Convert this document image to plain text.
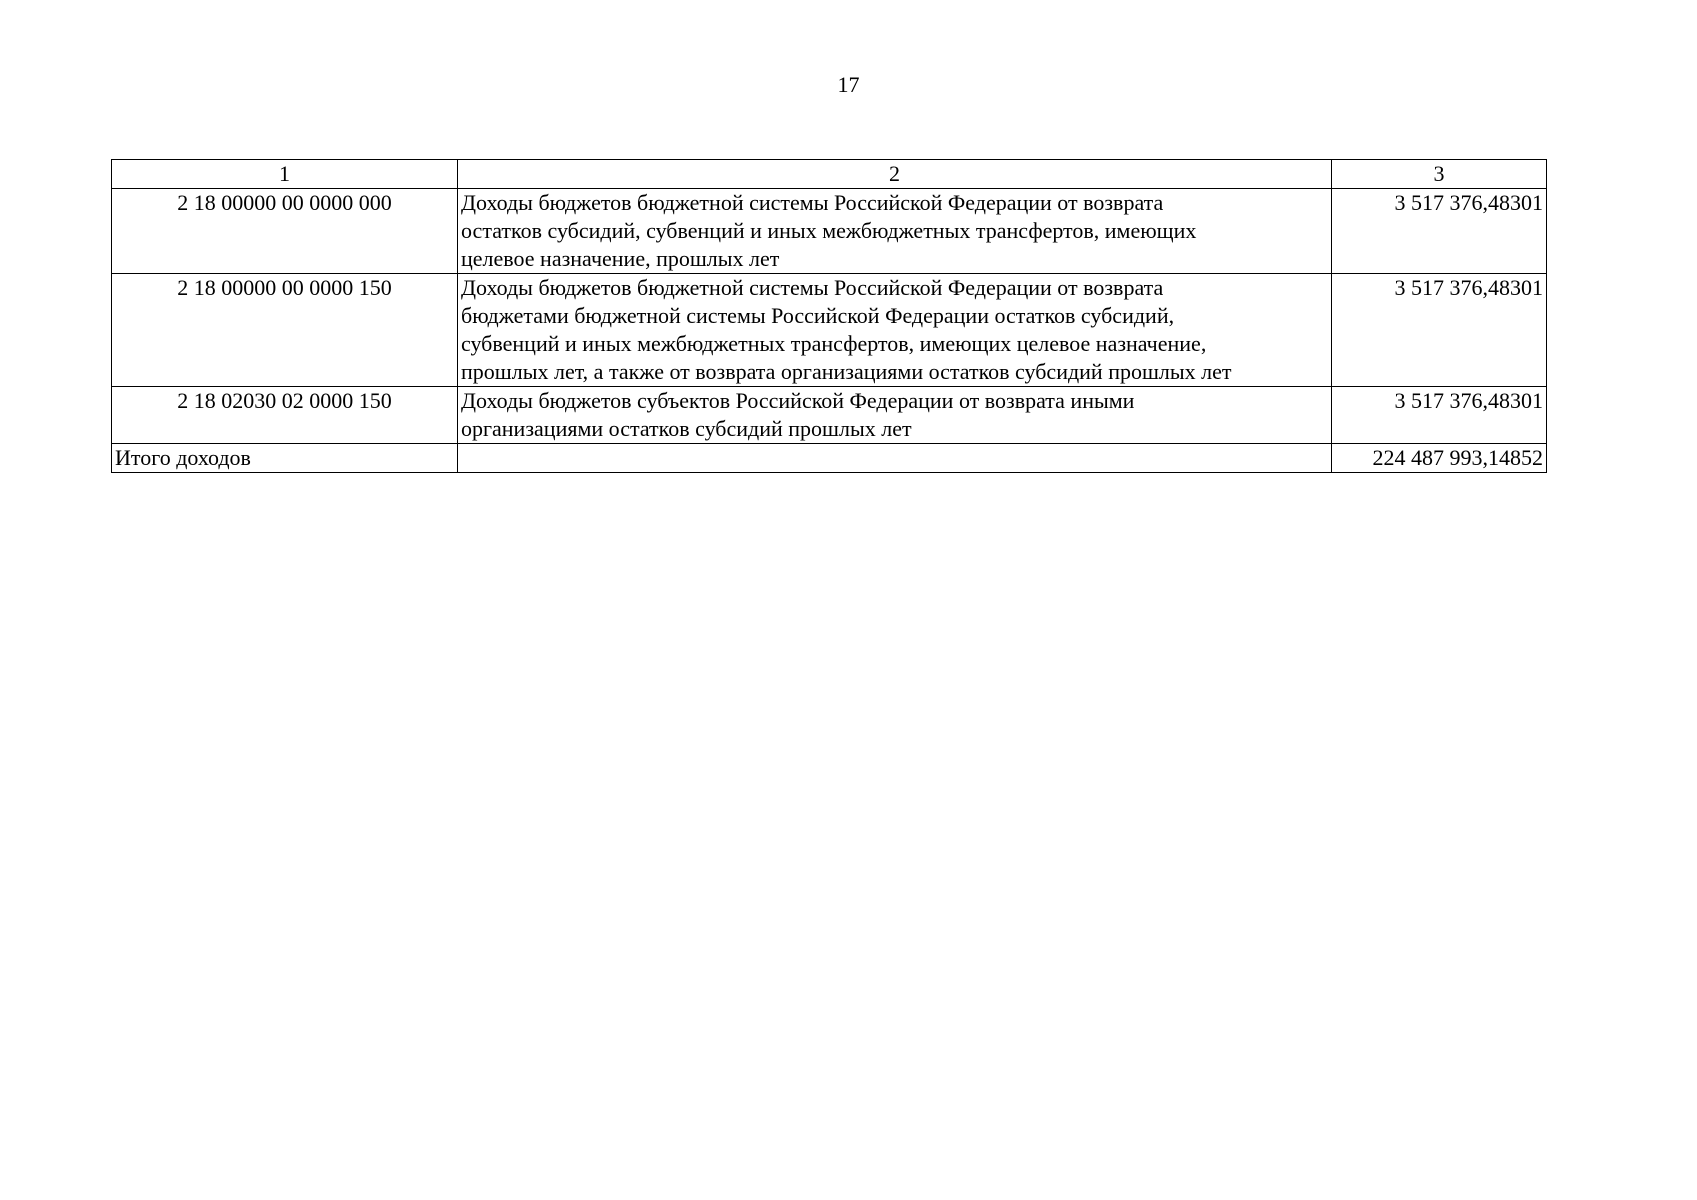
17
1	2	3
2 18 00000 00 0000 000	Доходы бюджетов бюджетной системы Российской Федерации от возврата
остатков субсидий, субвенций и иных межбюджетных трансфертов, имеющих
целевое назначение, прошлых лет	3 517 376,48301
2 18 00000 00 0000 150	Доходы бюджетов бюджетной системы Российской Федерации от возврата
бюджетами бюджетной системы Российской Федерации остатков субсидий,
субвенций и иных межбюджетных трансфертов, имеющих целевое назначение,
прошлых лет, а также от возврата организациями остатков субсидий прошлых лет	3 517 376,48301
2 18 02030 02 0000 150	Доходы бюджетов субъектов Российской Федерации от возврата иными
организациями остатков субсидий прошлых лет	3 517 376,48301
Итого доходов		224 487 993,14852
